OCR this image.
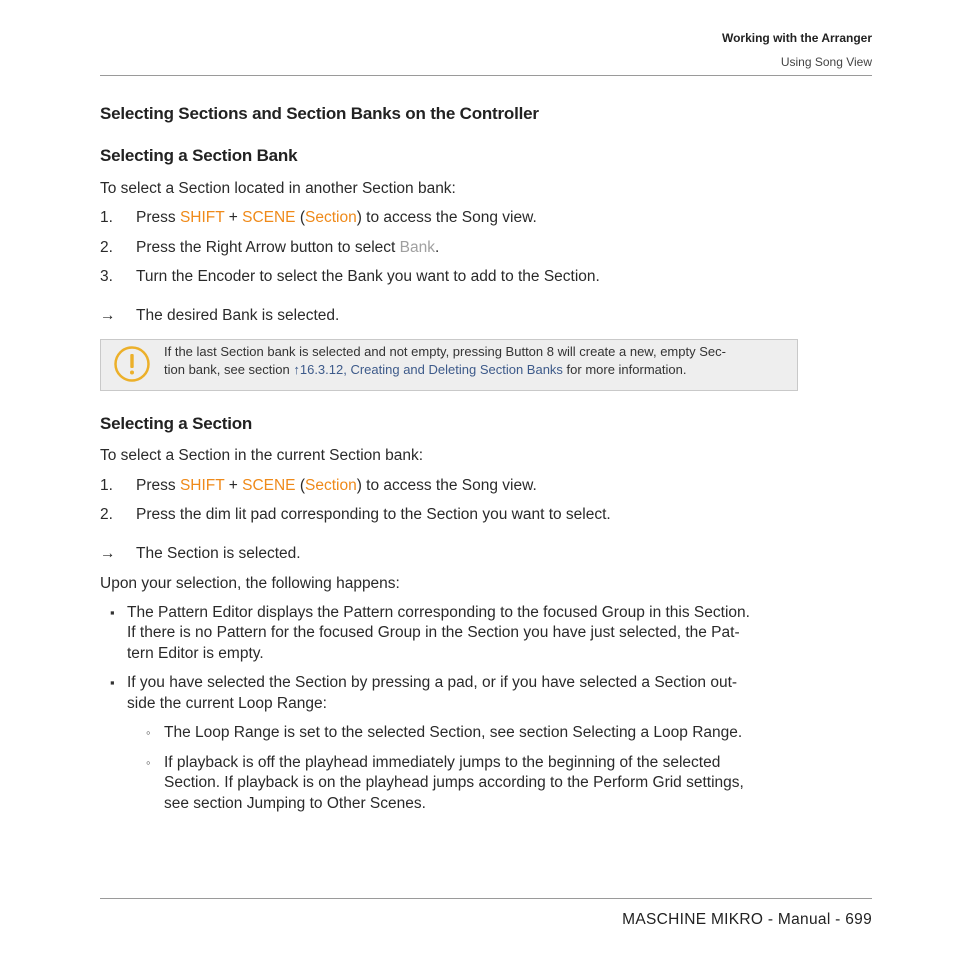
Working with the Arranger
Using Song View
Selecting Sections and Section Banks on the Controller
Selecting a Section Bank
To select a Section located in another Section bank:
1.	Press SHIFT + SCENE (Section) to access the Song view.
2.	Press the Right Arrow button to select Bank.
3.	Turn the Encoder to select the Bank you want to add to the Section.
→	The desired Bank is selected.
If the last Section bank is selected and not empty, pressing Button 8 will create a new, empty Sec-
tion bank, see section ↑16.3.12, Creating and Deleting Section Banks for more information.
Selecting a Section
To select a Section in the current Section bank:
1.	Press SHIFT + SCENE (Section) to access the Song view.
2.	Press the dim lit pad corresponding to the Section you want to select.
→	The Section is selected.
Upon your selection, the following happens:
▪ The Pattern Editor displays the Pattern corresponding to the focused Group in this Section.
If there is no Pattern for the focused Group in the Section you have just selected, the Pat-
tern Editor is empty.
▪ If you have selected the Section by pressing a pad, or if you have selected a Section out-
side the current Loop Range:
◦ The Loop Range is set to the selected Section, see section Selecting a Loop Range.
◦ If playback is off the playhead immediately jumps to the beginning of the selected
Section. If playback is on the playhead jumps according to the Perform Grid settings,
see section Jumping to Other Scenes.
MASCHINE MIKRO - Manual - 699
